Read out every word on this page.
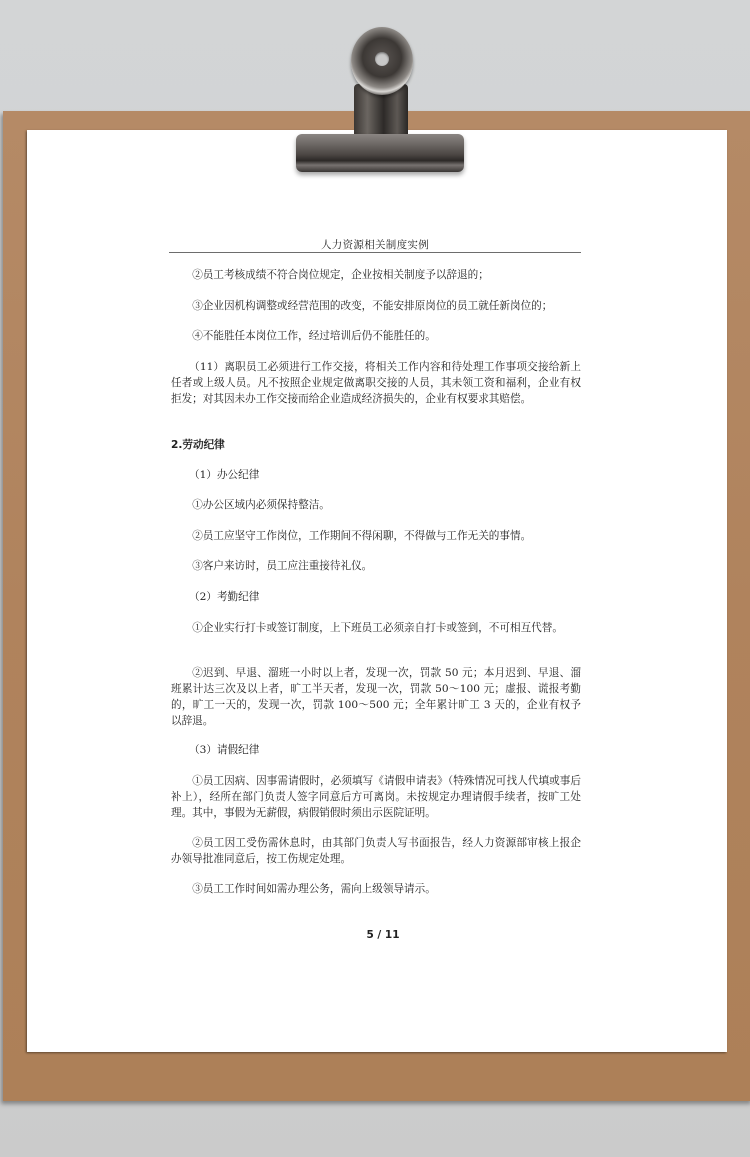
人力资源相关制度实例

②员工考核成绩不符合岗位规定，企业按相关制度予以辞退的；

③企业因机构调整或经营范围的改变，不能安排原岗位的员工就任新岗位的；

④不能胜任本岗位工作，经过培训后仍不能胜任的。

（11）离职员工必须进行工作交接，将相关工作内容和待处理工作事项交接给新上任者或上级人员。凡不按照企业规定做离职交接的人员，其未领工资和福利，企业有权拒发；对其因未办工作交接而给企业造成经济损失的，企业有权要求其赔偿。

2.劳动纪律

（1）办公纪律

①办公区域内必须保持整洁。

②员工应坚守工作岗位，工作期间不得闲聊，不得做与工作无关的事情。

③客户来访时，员工应注重接待礼仪。

（2）考勤纪律

①企业实行打卡或签订制度，上下班员工必须亲自打卡或签到，不可相互代替。

②迟到、早退、溜班一小时以上者，发现一次，罚款 50 元；本月迟到、早退、溜班累计达三次及以上者，旷工半天者，发现一次，罚款 50～100 元；虚报、谎报考勤的，旷工一天的，发现一次，罚款 100～500 元；全年累计旷工 3 天的，企业有权予以辞退。

（3）请假纪律

①员工因病、因事需请假时，必须填写《请假申请表》（特殊情况可找人代填或事后补上），经所在部门负责人签字同意后方可离岗。未按规定办理请假手续者，按旷工处理。其中，事假为无薪假，病假销假时须出示医院证明。

②员工因工受伤需休息时，由其部门负责人写书面报告，经人力资源部审核上报企办领导批准同意后，按工伤规定处理。

③员工工作时间如需办理公务，需向上级领导请示。

5 / 11
